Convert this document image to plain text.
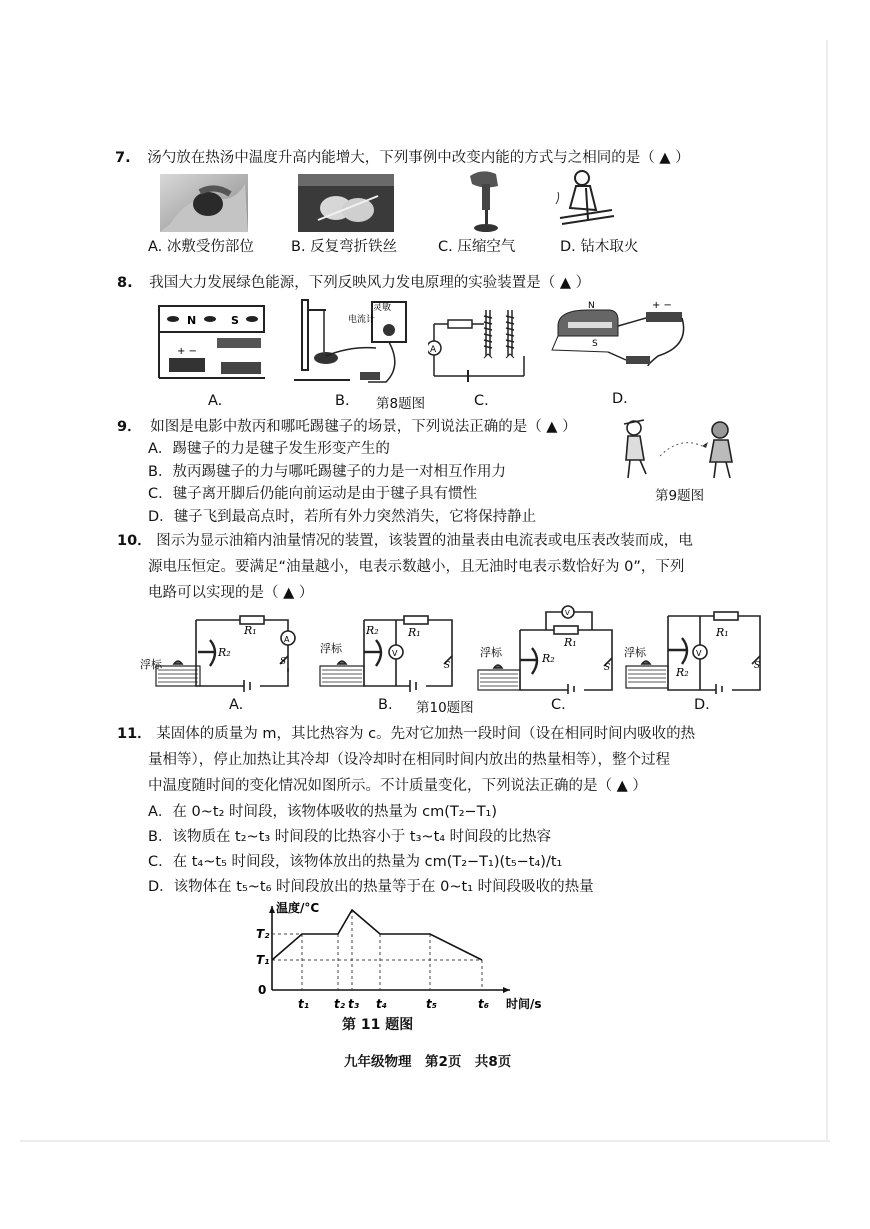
7. 汤勺放在热汤中温度升高内能增大，下列事例中改变内能的方式与之相同的是（ ▲ ）
A. 冰敷受伤部位	B. 反复弯折铁丝	C. 压缩空气	D. 钻木取火
8. 我国大力发展绿色能源，下列反映风力发电原理的实验装置是（ ▲ ）
N	S
+ −
灵敏
电流计
A
+ −
N
S
A.	B. 第8题图	C.	D.
9． 如图是电影中敖丙和哪吒踢毽子的场景，下列说法正确的是（ ▲ ）
A．踢毽子的力是毽子发生形变产生的
B．敖丙踢毽子的力与哪吒踢毽子的力是一对相互作用力
C．毽子离开脚后仍能向前运动是由于毽子具有惯性
D．毽子飞到最高点时，若所有外力突然消失，它将保持静止
第9题图
10． 图示为显示油箱内油量情况的装置，该装置的油量表由电流表或电压表改装而成，电
源电压恒定。要满足“油量越小，电表示数越小，且无油时电表示数恰好为 0”，下列
电路可以实现的是（ ▲ ）
浮标
R₁
R₂
A
S
浮标
R₂	R₁
V
S
浮标
R₁
R₂
V
S
浮标
R₁
R₂
V
S
A.	B. 第10题图	C.	D.
11． 某固体的质量为 m，其比热容为 c。先对它加热一段时间（设在相同时间内吸收的热
量相等），停止加热让其冷却（设冷却时在相同时间内放出的热量相等），整个过程
中温度随时间的变化情况如图所示。不计质量变化，下列说法正确的是（ ▲ ）
A．在 0~t₂ 时间段，该物体吸收的热量为 cm(T₂−T₁)
B．该物质在 t₂~t₃ 时间段的比热容小于 t₃~t₄ 时间段的比热容
C．在 t₄~t₅ 时间段，该物体放出的热量为 cm(T₂−T₁)(t₅−t₄)/t₁
D．该物体在 t₅~t₆ 时间段放出的热量等于在 0~t₁ 时间段吸收的热量
温度/°C
时间/s
0
t₁ t₂ t₃ t₄	t₅	t₆
T₁
T₂
第 11 题图
九年级物理　第2页　共8页
